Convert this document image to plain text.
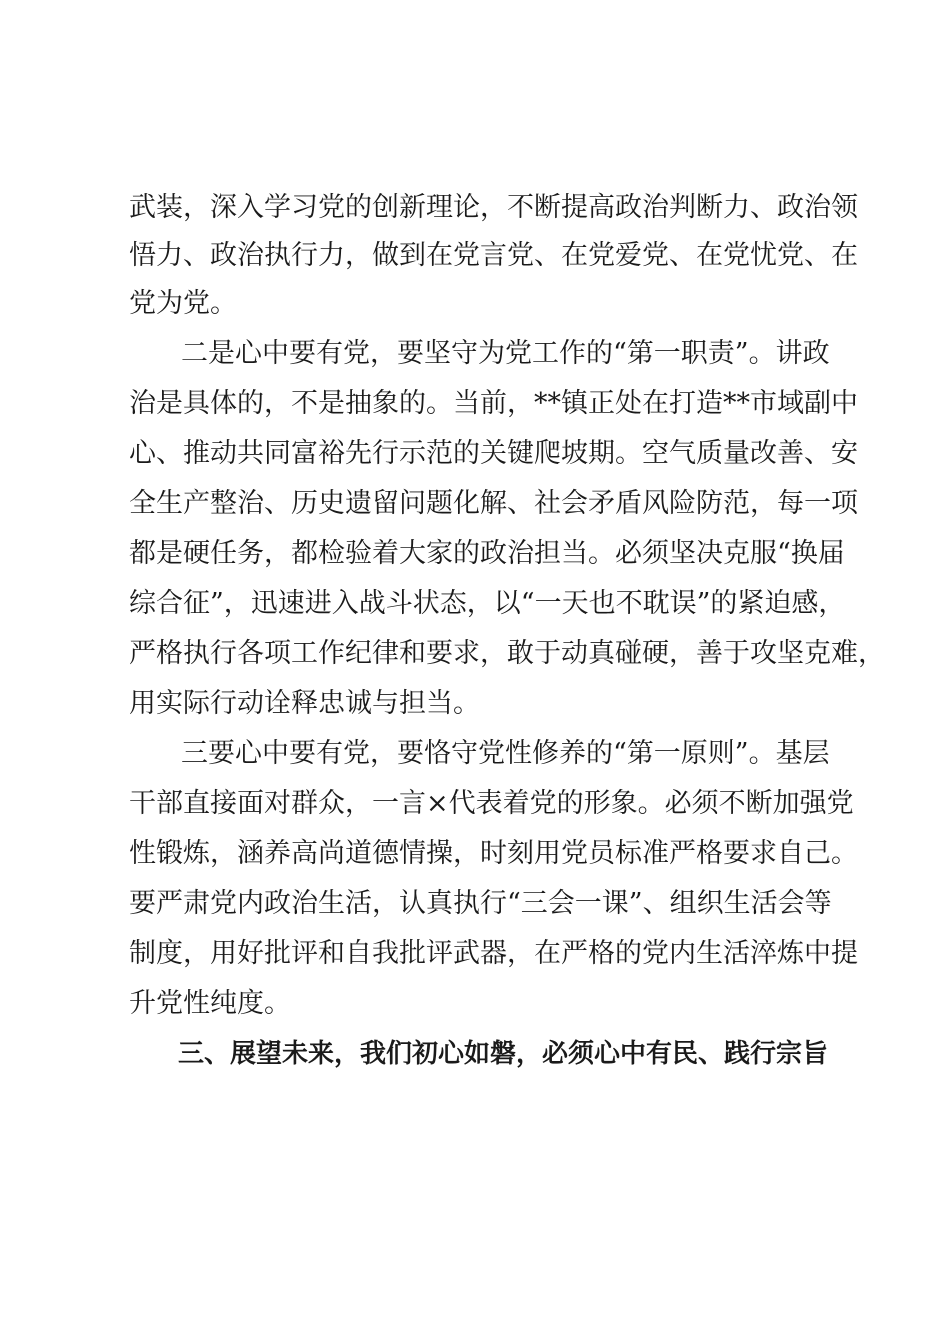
武装，深入学习党的创新理论，不断提高政治判断力、政治领
悟力、政治执行力，做到在党言党、在党爱党、在党忧党、在
党为党。
二是心中要有党，要坚守为党工作的“第一职责”。讲政
治是具体的，不是抽象的。当前，**镇正处在打造**市域副中
心、推动共同富裕先行示范的关键爬坡期。空气质量改善、安
全生产整治、历史遗留问题化解、社会矛盾风险防范，每一项
都是硬任务，都检验着大家的政治担当。必须坚决克服“换届
综合征”，迅速进入战斗状态，以“一天也不耽误”的紧迫感，
严格执行各项工作纪律和要求，敢于动真碰硬，善于攻坚克难，
用实际行动诠释忠诚与担当。
三要心中要有党，要恪守党性修养的“第一原则”。基层
干部直接面对群众，一言×代表着党的形象。必须不断加强党
性锻炼，涵养高尚道德情操，时刻用党员标准严格要求自己。
要严肃党内政治生活，认真执行“三会一课”、组织生活会等
制度，用好批评和自我批评武器，在严格的党内生活淬炼中提
升党性纯度。
三、展望未来，我们初心如磐，必须心中有民、践行宗旨
